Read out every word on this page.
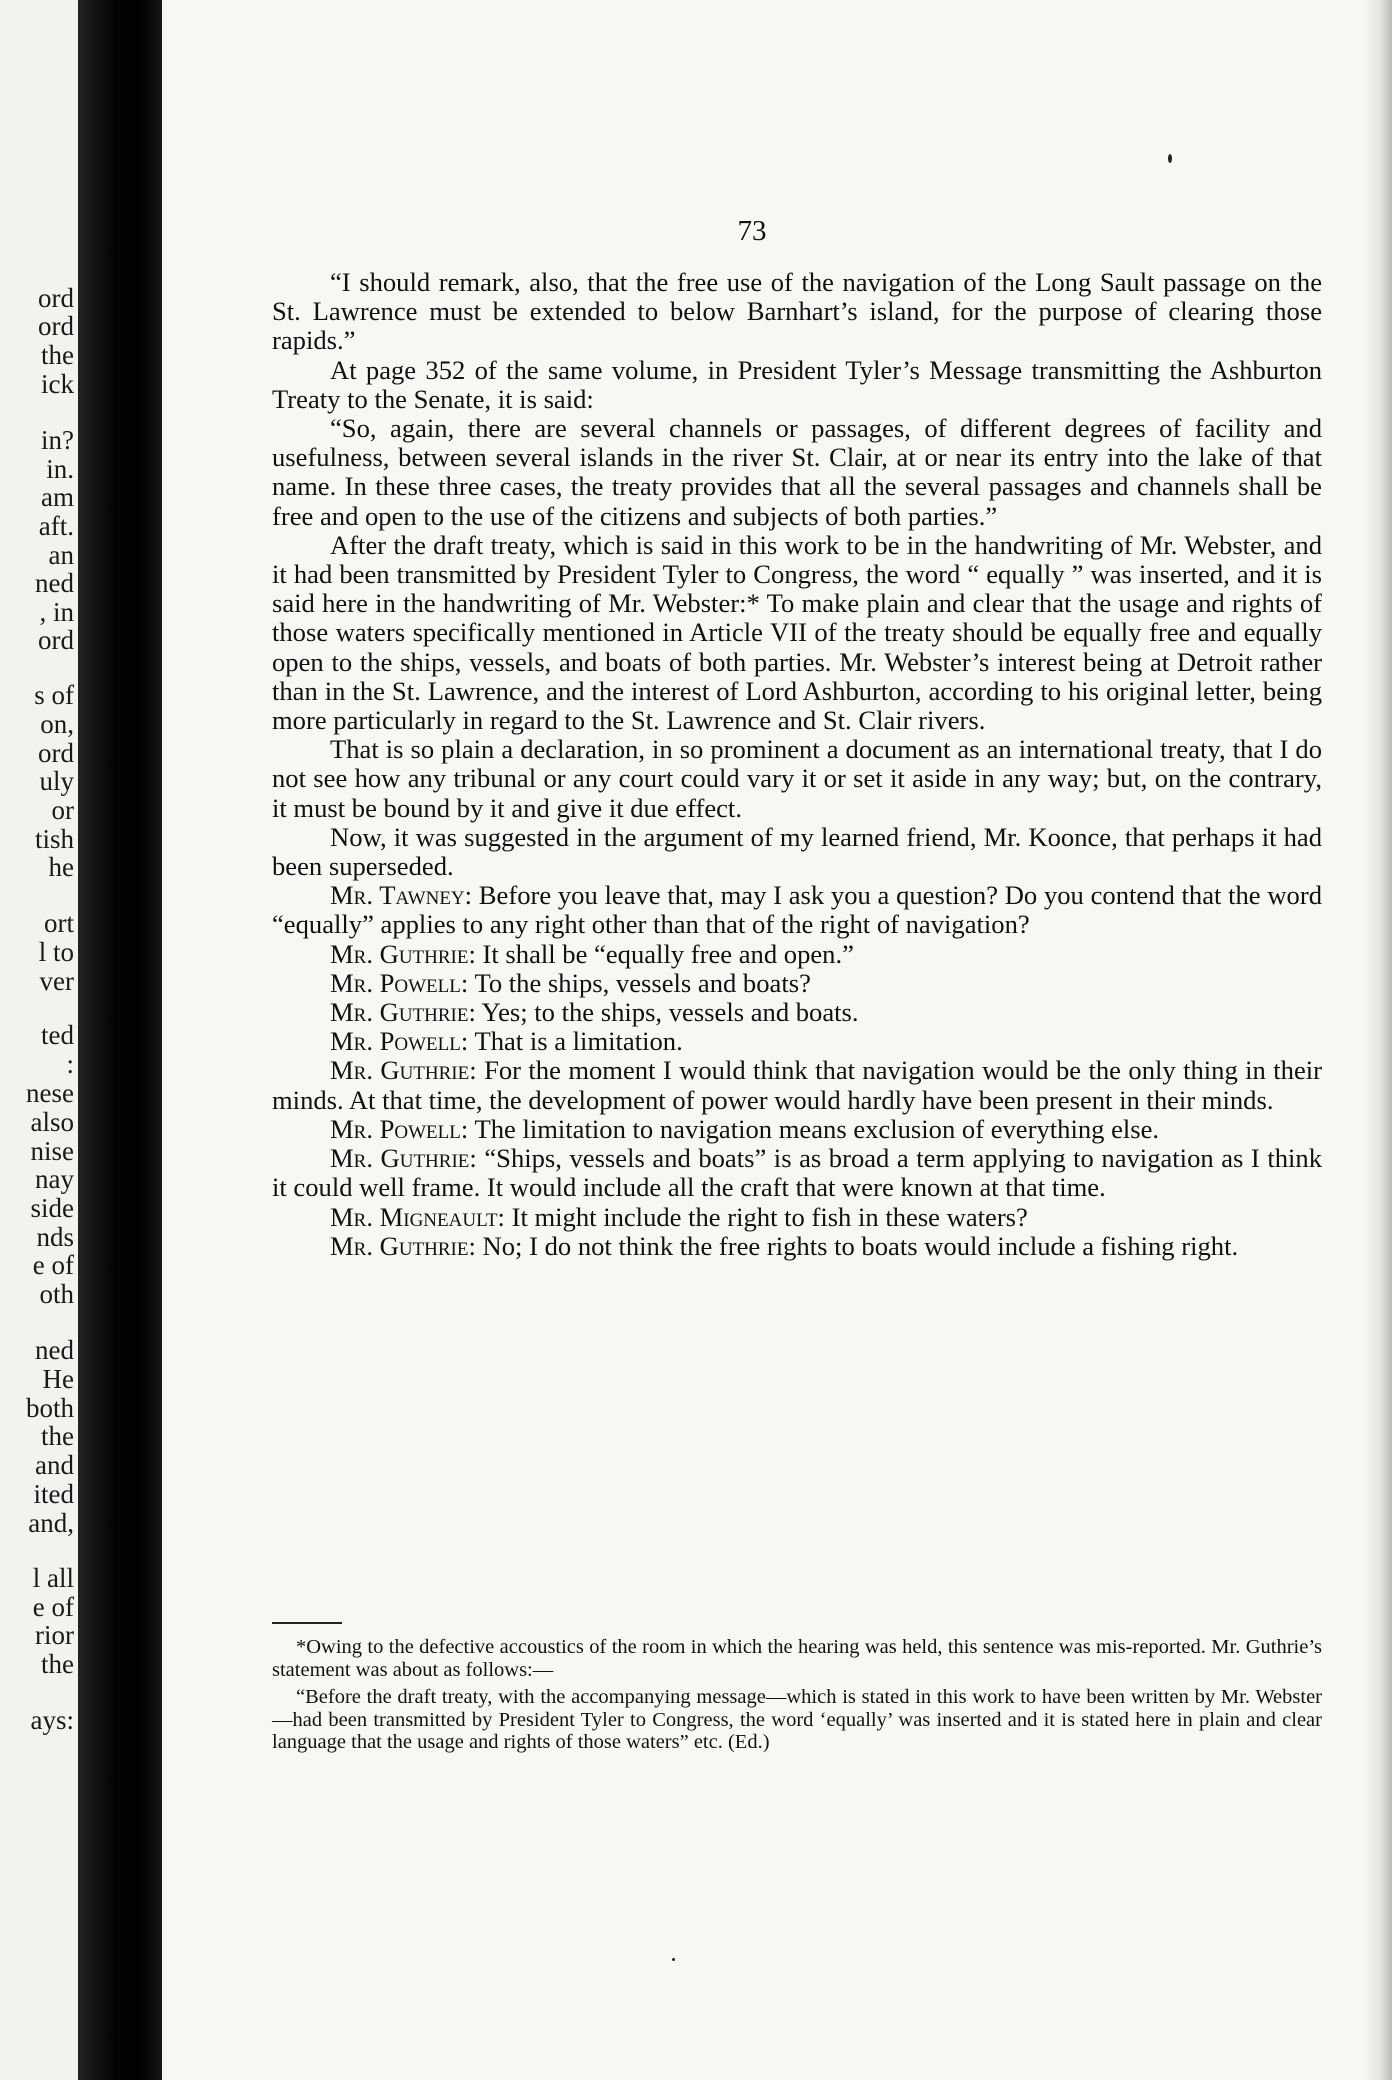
ord
ord
the
ick
in?
in.
am
aft.
an
ned
, in
ord
s of
on,
ord
uly
or
tish
he
ort
l to
ver
ted
:
nese
also
nise
nay
side
nds
e of
oth
ned
He
both
the
and
ited
and,
l all
e of
rior
the
ays:
73

“I should remark, also, that the free use of the navigation of the Long Sault passage on the St. Lawrence must be extended to below Barnhart’s island, for the purpose of clearing those rapids.”

At page 352 of the same volume, in President Tyler’s Message transmitting the Ashburton Treaty to the Senate, it is said:

“So, again, there are several channels or passages, of different degrees of facility and usefulness, between several islands in the river St. Clair, at or near its entry into the lake of that name. In these three cases, the treaty provides that all the several passages and channels shall be free and open to the use of the citizens and subjects of both parties.”

After the draft treaty, which is said in this work to be in the handwriting of Mr. Webster, and it had been transmitted by President Tyler to Congress, the word “ equally ” was inserted, and it is said here in the handwriting of Mr. Webster:* To make plain and clear that the usage and rights of those waters specifically mentioned in Article VII of the treaty should be equally free and equally open to the ships, vessels, and boats of both parties. Mr. Webster’s interest being at Detroit rather than in the St. Lawrence, and the interest of Lord Ashburton, according to his original letter, being more particularly in regard to the St. Lawrence and St. Clair rivers.

That is so plain a declaration, in so prominent a document as an international treaty, that I do not see how any tribunal or any court could vary it or set it aside in any way; but, on the contrary, it must be bound by it and give it due effect.

Now, it was suggested in the argument of my learned friend, Mr. Koonce, that perhaps it had been superseded.

Mr. Tawney: Before you leave that, may I ask you a question? Do you contend that the word “equally” applies to any right other than that of the right of navigation?

Mr. Guthrie: It shall be “equally free and open.”

Mr. Powell: To the ships, vessels and boats?

Mr. Guthrie: Yes; to the ships, vessels and boats.

Mr. Powell: That is a limitation.

Mr. Guthrie: For the moment I would think that navigation would be the only thing in their minds. At that time, the development of power would hardly have been present in their minds.

Mr. Powell: The limitation to navigation means exclusion of everything else.

Mr. Guthrie: “Ships, vessels and boats” is as broad a term applying to navigation as I think it could well frame. It would include all the craft that were known at that time.

Mr. Migneault: It might include the right to fish in these waters?

Mr. Guthrie: No; I do not think the free rights to boats would include a fishing right.

*Owing to the defective accoustics of the room in which the hearing was held, this sentence was mis-reported. Mr. Guthrie’s statement was about as follows:—

“Before the draft treaty, with the accompanying message—which is stated in this work to have been written by Mr. Webster—had been transmitted by President Tyler to Congress, the word ‘equally’ was inserted and it is stated here in plain and clear language that the usage and rights of those waters” etc. (Ed.)
